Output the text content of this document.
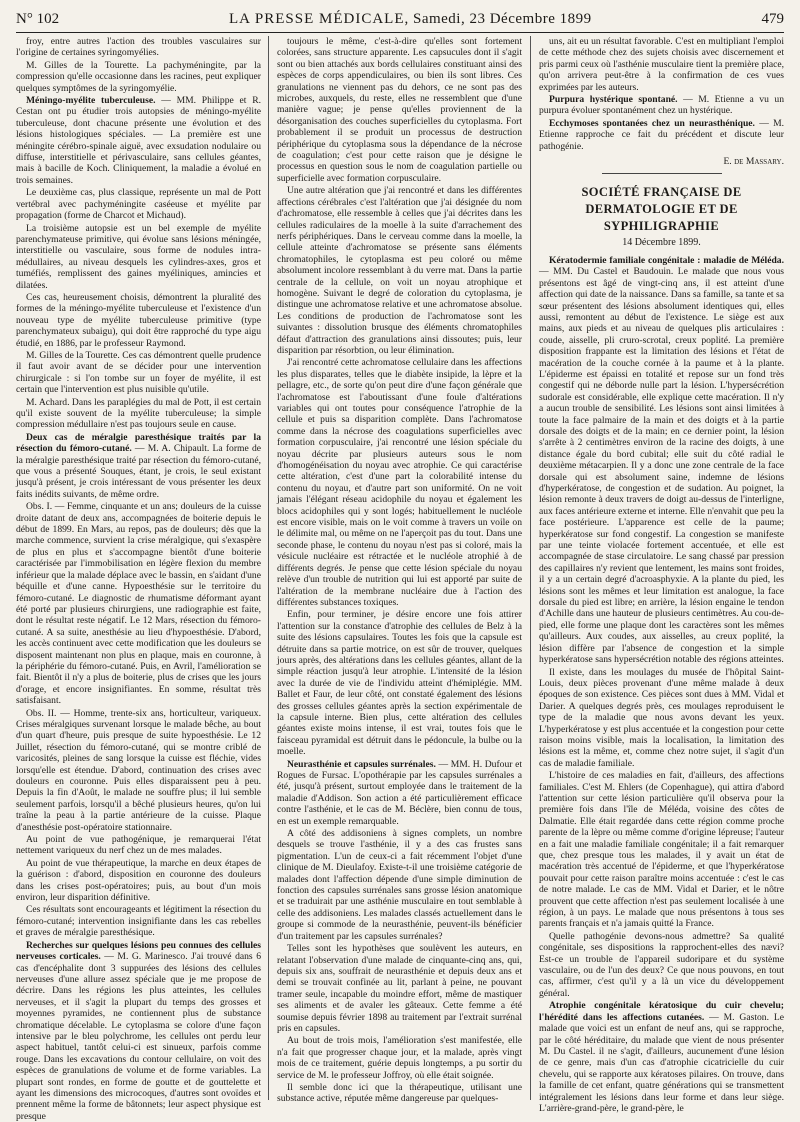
N° 102	LA PRESSE MÉDICALE, Samedi, 23 Décembre 1899	479

froy, entre autres l'action des troubles vasculaires sur l'origine de certaines syringomyélies.

M. Gilles de la Tourette. La pachyméningite, par la compression qu'elle occasionne dans les racines, peut expliquer quelques symptômes de la syringomyélie.

Méningo-myélite tuberculeuse. — MM. Philippe et R. Cestan ont pu étudier trois autopsies de méningo-myélite tuberculeuse, dont chacune présente une évolution et des lésions histologiques spéciales. — La première est une méningite cérébro-spinale aiguë, avec exsudation nodulaire ou diffuse, interstitielle et périvasculaire, sans cellules géantes, mais à bacille de Koch. Cliniquement, la maladie a évolué en trois semaines.

Le deuxième cas, plus classique, représente un mal de Pott vertébral avec pachyméningite caséeuse et myélite par propagation (forme de Charcot et Michaud).

La troisième autopsie est un bel exemple de myélite parenchymateuse primitive, qui évolue sans lésions méningée, interstitielle ou vasculaire, sous forme de nodules intra-médullaires, au niveau desquels les cylindres-axes, gros et tuméfiés, remplissent des gaines myéliniques, amincies et dilatées.

Ces cas, heureusement choisis, démontrent la pluralité des formes de la méningo-myélite tuberculeuse et l'existence d'un nouveau type de myélite tuberculeuse primitive (type parenchymateux subaigu), qui doit être rapproché du type aigu étudié, en 1886, par le professeur Raymond.

M. Gilles de la Tourette. Ces cas démontrent quelle prudence il faut avoir avant de se décider pour une intervention chirurgicale : si l'on tombe sur un foyer de myélite, il est certain que l'intervention est plus nuisible qu'utile.

M. Achard. Dans les paraplégies du mal de Pott, il est certain qu'il existe souvent de la myélite tuberculeuse; la simple compression médullaire n'est pas toujours seule en cause.

Deux cas de méralgie paresthésique traités par la résection du fémoro-cutané. — M. A. Chipault. La forme de la méralgie paresthésique traité par résection du fémoro-cutané, que vous a présenté Souques, étant, je crois, le seul existant jusqu'à présent, je crois intéressant de vous présenter les deux faits inédits suivants, de même ordre.

Obs. I. — Femme, cinquante et un ans; douleurs de la cuisse droite datant de deux ans, accompagnées de boiterie depuis le début de 1899. En Mars, au repos, pas de douleurs; dès que la marche commence, survient la crise méralgique, qui s'exaspère de plus en plus et s'accompagne bientôt d'une boiterie caractérisée par l'immobilisation en légère flexion du membre inférieur que la malade déplace avec le bassin, en s'aidant d'une béquille et d'une canne. Hypoesthésie sur le territoire du fémoro-cutané. Le diagnostic de rhumatisme déformant ayant été porté par plusieurs chirurgiens, une radiographie est faite, dont le résultat reste négatif. Le 12 Mars, résection du fémoro-cutané. A sa suite, anesthésie au lieu d'hypoesthésie. D'abord, les accès continuent avec cette modification que les douleurs se disposent maintenant non plus en plaque, mais en couronne, à la périphérie du fémoro-cutané. Puis, en Avril, l'amélioration se fait. Bientôt il n'y a plus de boiterie, plus de crises que les jours d'orage, et encore insignifiantes. En somme, résultat très satisfaisant.

Obs. II. — Homme, trente-six ans, horticulteur, variqueux. Crises méralgiques survenant lorsque le malade bêche, au bout d'un quart d'heure, puis presque de suite hypoesthésie. Le 12 Juillet, résection du fémoro-cutané, qui se montre criblé de varicosités, pleines de sang lorsque la cuisse est fléchie, vides lorsqu'elle est étendue. D'abord, continuation des crises avec douleurs en couronne. Puis elles disparaissent peu à peu. Depuis la fin d'Août, le malade ne souffre plus; il lui semble seulement parfois, lorsqu'il a bêché plusieurs heures, qu'on lui traîne la peau à la partie antérieure de la cuisse. Plaque d'anesthésie post-opératoire stationnaire.

Au point de vue pathogénique, je remarquerai l'état nettement variqueux du nerf chez un de mes malades.

Au point de vue thérapeutique, la marche en deux étapes de la guérison : d'abord, disposition en couronne des douleurs dans les crises post-opératoires; puis, au bout d'un mois environ, leur disparition définitive.

Ces résultats sont encourageants et légitiment la résection du fémoro-cutané; intervention insignifiante dans les cas rebelles et graves de méralgie paresthésique.

Recherches sur quelques lésions peu connues des cellules nerveuses corticales. — M. G. Marinesco. J'ai trouvé dans 6 cas d'encéphalite dont 3 suppurées des lésions des cellules nerveuses d'une allure assez spéciale que je me propose de décrire. Dans les régions les plus atteintes, les cellules nerveuses, et il s'agit la plupart du temps des grosses et moyennes pyramides, ne contiennent plus de substance chromatique décelable. Le cytoplasma se colore d'une façon intensive par le bleu polychrome, les cellules ont perdu leur aspect habituel, tantôt celui-ci est sinueux, parfois comme rouge. Dans les excavations du contour cellulaire, on voit des espèces de granulations de volume et de forme variables. La plupart sont rondes, en forme de goutte et de gouttelette et ayant les dimensions des microcoques, d'autres sont ovoïdes et prennent même la forme de bâtonnets; leur aspect physique est presque

toujours le même, c'est-à-dire qu'elles sont fortement colorées, sans structure apparente. Les capsucules dont il s'agit sont ou bien attachés aux bords cellulaires constituant ainsi des espèces de corps appendiculaires, ou bien ils sont libres. Ces granulations ne viennent pas du dehors, ce ne sont pas des microbes, auxquels, du reste, elles ne ressemblent que d'une manière vague; je pense qu'elles proviennent de la désorganisation des couches superficielles du cytoplasma. Fort probablement il se produit un processus de destruction périphérique du cytoplasma sous la dépendance de la nécrose de coagulation; c'est pour cette raison que je désigne le processus en question sous le nom de coagulation partielle ou superficielle avec formation corpusculaire.

Une autre altération que j'ai rencontré et dans les différentes affections cérébrales c'est l'altération que j'ai désignée du nom d'achromatose, elle ressemble à celles que j'ai décrites dans les cellules radiculaires de la moelle à la suite d'arrachement des nerfs périphériques. Dans le cerveau comme dans la moelle, la cellule atteinte d'achromatose se présente sans éléments chromatophiles, le cytoplasma est peu coloré ou même absolument incolore ressemblant à du verre mat. Dans la partie centrale de la cellule, on voit un noyau atrophique et homogène. Suivant le degré de coloration du cytoplasma, je distingue une achromatose relative et une achromatose absolue. Les conditions de production de l'achromatose sont les suivantes : dissolution brusque des éléments chromatophiles défaut d'attraction des granulations ainsi dissoutes; puis, leur disparition par résorbtion, ou leur élimination.

J'ai rencontré cette achromatose cellulaire dans les affections les plus disparates, telles que le diabète insipide, la lèpre et la pellagre, etc., de sorte qu'on peut dire d'une façon générale que l'achromatose est l'aboutissant d'une foule d'altérations variables qui ont toutes pour conséquence l'atrophie de la cellule et puis sa disparition complète. Dans l'achromatose comme dans la nécrose des coagulations superficielles avec formation corpusculaire, j'ai rencontré une lésion spéciale du noyau décrite par plusieurs auteurs sous le nom d'homogénéisation du noyau avec atrophie. Ce qui caractérise cette altération, c'est d'une part la colorabilité intense du contenu du noyau, et d'autre part son uniformité. On ne voit jamais l'élégant réseau acidophile du noyau et également les blocs acidophiles qui y sont logés; habituellement le nucléole est encore visible, mais on le voit comme à travers un voile on le délimite mal, ou même on ne l'aperçoit pas du tout. Dans une seconde phase, le contenu du noyau n'est pas si coloré, mais la vésicule nucléaire est rétractée et le nucléole atrophié à de différents degrés. Je pense que cette lésion spéciale du noyau relève d'un trouble de nutrition qui lui est apporté par suite de l'altération de la membrane nucléaire due à l'action des différentes substances toxiques.

Enfin, pour terminer, je désire encore une fois attirer l'attention sur la constance d'atrophie des cellules de Belz à la suite des lésions capsulaires. Toutes les fois que la capsule est détruite dans sa partie motrice, on est sûr de trouver, quelques jours après, des altérations dans les cellules géantes, allant de la simple réaction jusqu'à leur atrophie. L'intensité de la lésion avec la durée de vie de l'individu atteint d'hémiplégie. MM. Ballet et Faur, de leur côté, ont constaté également des lésions des grosses cellules géantes après la section expérimentale de la capsule interne. Bien plus, cette altération des cellules géantes existe moins intense, il est vrai, toutes fois que le faisceau pyramidal est détruit dans le pédoncule, la bulbe ou la moelle.

Neurasthénie et capsules surrénales. — MM. H. Dufour et Rogues de Fursac. L'opothérapie par les capsules surrénales a été, jusqu'à présent, surtout employée dans le traitement de la maladie d'Addison. Son action a été particulièrement efficace contre l'asthénie, et le cas de M. Béclère, bien connu de tous, en est un exemple remarquable.

A côté des addisoniens à signes complets, un nombre desquels se trouve l'asthénie, il y a des cas frustes sans pigmentation. L'un de ceux-ci a fait récemment l'objet d'une clinique de M. Dieulafoy. Existe-t-il une troisième catégorie de malades dont l'affection dépende d'une simple diminution de fonction des capsules surrénales sans grosse lésion anatomique et se traduirait par une asthénie musculaire en tout semblable à celle des addisoniens. Les malades classés actuellement dans le groupe si commode de la neurasthénie, peuvent-ils bénéficier d'un traitement par les capsules surrénales?

Telles sont les hypothèses que soulèvent les auteurs, en relatant l'observation d'une malade de cinquante-cinq ans, qui, depuis six ans, souffrait de neurasthénie et depuis deux ans et demi se trouvait confinée au lit, parlant à peine, ne pouvant tramer seule, incapable du moindre effort, même de mastiquer ses aliments et de avaler les gâteaux. Cette femme a été soumise depuis février 1898 au traitement par l'extrait surrénal pris en capsules.

Au bout de trois mois, l'amélioration s'est manifestée, elle n'a fait que progresser chaque jour, et la malade, après vingt mois de ce traitement, guérie depuis longtemps, a pu sortir du service de M. le professeur Joffroy, où elle était soignée.

Il semble donc ici que la thérapeutique, utilisant une substance active, réputée même dangereuse par quelques-

uns, ait eu un résultat favorable. C'est en multipliant l'emploi de cette méthode chez des sujets choisis avec discernement et pris parmi ceux où l'asthénie musculaire tient la première place, qu'on arrivera peut-être à la confirmation de ces vues exprimées par les auteurs.

Purpura hystérique spontané. — M. Etienne a vu un purpura évoluer spontanément chez un hystérique.

Ecchymoses spontanées chez un neurasthénique. — M. Etienne rapproche ce fait du précédent et discute leur pathogénie.

E. de Massary.
SOCIÉTÉ FRANÇAISE DE DERMATOLOGIE ET DE SYPHILIGRAPHIE
14 Décembre 1899.

Kératodermie familiale congénitale : maladie de Méléda. — MM. Du Castel et Baudouin. Le malade que nous vous présentons est âgé de vingt-cinq ans, il est atteint d'une affection qui date de la naissance. Dans sa famille, sa tante et sa sœur présentent des lésions absolument identiques qui, elles aussi, remontent au début de l'existence. Le siège est aux mains, aux pieds et au niveau de quelques plis articulaires : coude, aisselle, pli cruro-scrotal, creux poplité. La première disposition frappante est la limitation des lésions et l'état de macération de la couche cornée à la paume et à la plante. L'épiderme est épaissi en totalité et repose sur un fond très congestif qui ne déborde nulle part la lésion. L'hypersécrétion sudorale est considérable, elle explique cette macération. Il n'y a aucun trouble de sensibilité. Les lésions sont ainsi limitées à toute la face palmaire de la main et des doigts et à la partie dorsale des doigts et de la main; en ce dernier point, la lésion s'arrête à 2 centimètres environ de la racine des doigts, à une distance égale du bord cubital; elle suit du côté radial le deuxième métacarpien. Il y a donc une zone centrale de la face dorsale qui est absolument saine, indemne de lésions d'hyperkératose, de congestion et de sudation. Au poignet, la lésion remonte à deux travers de doigt au-dessus de l'interligne, aux faces antérieure externe et interne. Elle n'envahit que peu la face postérieure. L'apparence est celle de la paume; hyperkératose sur fond congestif. La congestion se manifeste par une teinte violacée fortement accentuée, et elle est accompagnée de stase circulatoire. Le sang chassé par pression des capillaires n'y revient que lentement, les mains sont froides, il y a un certain degré d'acroasphyxie. A la plante du pied, les lésions sont les mêmes et leur limitation est analogue, la face dorsale du pied est libre; en arrière, la lésion engaine le tendon d'Achille dans une hauteur de plusieurs centimètres. Au cou-de-pied, elle forme une plaque dont les caractères sont les mêmes qu'ailleurs. Aux coudes, aux aisselles, au creux poplité, la lésion diffère par l'absence de congestion et la simple hyperkératose sans hypersécrétion notable des régions atteintes.

Il existe, dans les moulages du musée de l'hôpital Saint-Louis, deux pièces provenant d'une même malade à deux époques de son existence. Ces pièces sont dues à MM. Vidal et Darier. A quelques degrés près, ces moulages reproduisent le type de la maladie que nous avons devant les yeux. L'hyperkératose y est plus accentuée et la congestion pour cette raison moins visible, mais la localisation, la limitation des lésions est la même, et, comme chez notre sujet, il s'agit d'un cas de maladie familiale.

L'histoire de ces maladies en fait, d'ailleurs, des affections familiales. C'est M. Ehlers (de Copenhague), qui attira d'abord l'attention sur cette lésion particulière qu'il observa pour la première fois dans l'île de Méléda, voisine des côtes de Dalmatie. Elle était regardée dans cette région comme proche parente de la lèpre ou même comme d'origine lépreuse; l'auteur en a fait une maladie familiale congénitale; il a fait remarquer que, chez presque tous les malades, il y avait un état de macération très accentué de l'épiderme, et que l'hyperkératose pouvait pour cette raison paraître moins accentuée : c'est le cas de notre malade. Le cas de MM. Vidal et Darier, et le nôtre prouvent que cette affection n'est pas seulement localisée à une région, à un pays. Le malade que nous présentons à tous ses parents français et n'a jamais quitté la France.

Quelle pathogénie devons-nous admettre? Sa qualité congénitale, ses dispositions la rapprochent-elles des nævi? Est-ce un trouble de l'appareil sudoripare et du système vasculaire, ou de l'un des deux? Ce que nous pouvons, en tout cas, affirmer, c'est qu'il y a là un vice du développement général.

Atrophie congénitale kératosique du cuir chevelu; l'hérédité dans les affections cutanées. — M. Gaston. Le malade que voici est un enfant de neuf ans, qui se rapproche, par le côté héréditaire, du malade que vient de nous présenter M. Du Castel. il ne s'agit, d'ailleurs, aucunement d'une lésion de ce genre, mais d'un cas d'atrophie cicatricielle du cuir chevelu, qui se rapporte aux kératoses pilaires. On trouve, dans la famille de cet enfant, quatre générations qui se transmettent intégralement les lésions dans leur forme et dans leur siège. L'arrière-grand-père, le grand-père, le
